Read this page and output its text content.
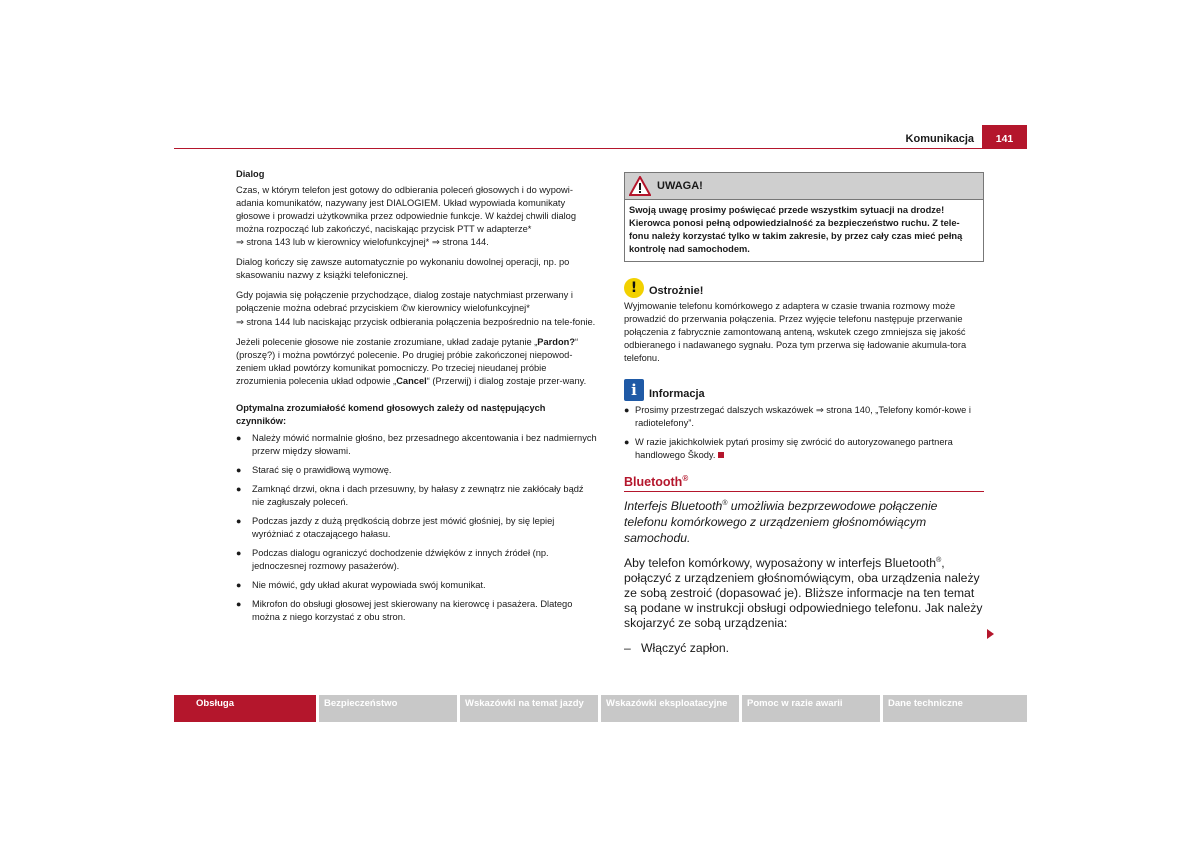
Komunikacja	141

Dialog

Czas, w którym telefon jest gotowy do odbierania poleceń głosowych i do wypowi-adania komunikatów, nazywany jest DIALOGIEM. Układ wypowiada komunikaty głosowe i prowadzi użytkownika przez odpowiednie funkcje. W każdej chwili dialog można rozpocząć lub zakończyć, naciskając przycisk PTT w adapterze*
⇒ strona 143 lub w kierownicy wielofunkcyjnej* ⇒ strona 144.

Dialog kończy się zawsze automatycznie po wykonaniu dowolnej operacji, np. po skasowaniu nazwy z książki telefonicznej.

Gdy pojawia się połączenie przychodzące, dialog zostaje natychmiast przerwany i połączenie można odebrać przyciskiem ✆w kierownicy wielofunkcyjnej*
⇒ strona 144 lub naciskając przycisk odbierania połączenia bezpośrednio na tele-fonie.

Jeżeli polecenie głosowe nie zostanie zrozumiane, układ zadaje pytanie „Pardon?“ (proszę?) i można powtórzyć polecenie. Po drugiej próbie zakończonej niepowod-zeniem układ powtórzy komunikat pomocniczy. Po trzeciej nieudanej próbie zrozumienia polecenia układ odpowie „Cancel“ (Przerwij) i dialog zostaje przer-wany.

Optymalna zrozumiałość komend głosowych zależy od następujących czynników:

●	Należy mówić normalnie głośno, bez przesadnego akcentowania i bez nadmiernych przerw między słowami.
●	Starać się o prawidłową wymowę.
●	Zamknąć drzwi, okna i dach przesuwny, by hałasy z zewnątrz nie zakłócały bądź nie zagłuszały poleceń.
●	Podczas jazdy z dużą prędkością dobrze jest mówić głośniej, by się lepiej wyróżniać z otaczającego hałasu.
●	Podczas dialogu ograniczyć dochodzenie dźwięków z innych źródeł (np. jednoczesnej rozmowy pasażerów).
●	Nie mówić, gdy układ akurat wypowiada swój komunikat.
●	Mikrofon do obsługi głosowej jest skierowany na kierowcę i pasażera. Dlatego można z niego korzystać z obu stron.
UWAGA!
Swoją uwagę prosimy poświęcać przede wszystkim sytuacji na drodze! Kierowca ponosi pełną odpowiedzialność za bezpieczeństwo ruchu. Z tele-fonu należy korzystać tylko w takim zakresie, by przez cały czas mieć pełną kontrolę nad samochodem.
!	Ostrożnie!

Wyjmowanie telefonu komórkowego z adaptera w czasie trwania rozmowy może prowadzić do przerwania połączenia. Przez wyjęcie telefonu następuje przerwanie połączenia z fabrycznie zamontowaną anteną, wskutek czego zmniejsza się jakość odbieranego i nadawanego sygnału. Poza tym przerwa się ładowanie akumula-tora telefonu.

i	Informacja
● Prosimy przestrzegać dalszych wskazówek ⇒ strona 140, „Telefony komór-kowe i radiotelefony”.
● W razie jakichkolwiek pytań prosimy się zwrócić do autoryzowanego partnera handlowego Škody.
Bluetooth®
Interfejs Bluetooth® umożliwia bezprzewodowe połączenie telefonu komórkowego z urządzeniem głośnomówiącym samochodu.
Aby telefon komórkowy, wyposażony w interfejs Bluetooth®, połączyć z urządzeniem głośnomówiącym, oba urządzenia należy ze sobą zestroić (dopasować je). Bliższe informacje na ten temat są podane w instrukcji obsługi odpowiedniego telefonu. Jak należy skojarzyć ze sobą urządzenia:
– Włączyć zapłon.
Obsługa	Bezpieczeństwo	Wskazówki na temat jazdy	Wskazówki eksploatacyjne	Pomoc w razie awarii	Dane techniczne
